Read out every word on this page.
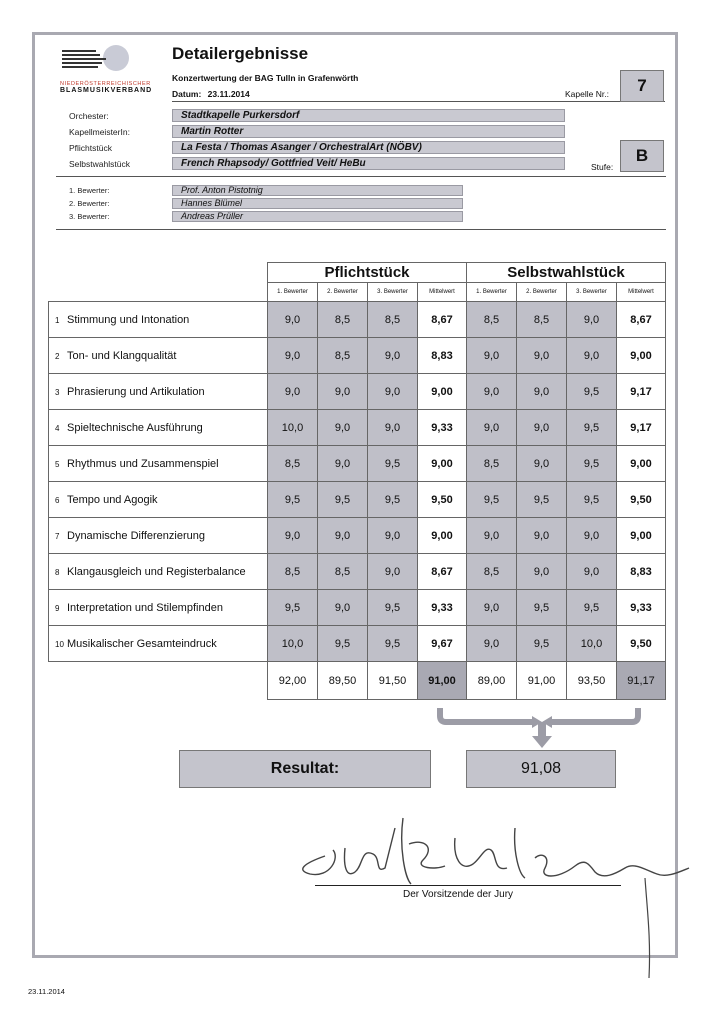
NIEDERÖSTERREICHISCHER
BLASMUSIKVERBAND
Detailergebnisse
Konzertwertung der BAG Tulln in Grafenwörth
Datum: 23.11.2014	Kapelle Nr.:	7
Orchester:	Stadtkapelle Purkersdorf
KapellmeisterIn:	Martin Rotter
Pflichtstück	La Festa / Thomas Asanger / OrchestralArt (NÖBV)
Selbstwahlstück	French Rhapsody/ Gottfried Veit/ HeBu	Stufe:
B
1. Bewerter:	Prof. Anton Pistotnig
2. Bewerter:	Hannes Blümel
3. Bewerter:	Andreas Prüller
	Pflichtstück				Selbstwahlstück			
	1. Bewerter	2. Bewerter	3. Bewerter	Mittelwert	1. Bewerter	2. Bewerter	3. Bewerter	Mittelwert
1 Stimmung und Intonation	9,0	8,5	8,5	8,67	8,5	8,5	9,0	8,67
2 Ton- und Klangqualität	9,0	8,5	9,0	8,83	9,0	9,0	9,0	9,00
3 Phrasierung und Artikulation	9,0	9,0	9,0	9,00	9,0	9,0	9,5	9,17
4 Spieltechnische Ausführung	10,0	9,0	9,0	9,33	9,0	9,0	9,5	9,17
5 Rhythmus und Zusammenspiel	8,5	9,0	9,5	9,00	8,5	9,0	9,5	9,00
6 Tempo und Agogik	9,5	9,5	9,5	9,50	9,5	9,5	9,5	9,50
7 Dynamische Differenzierung	9,0	9,0	9,0	9,00	9,0	9,0	9,0	9,00
8 Klangausgleich und Registerbalance	8,5	8,5	9,0	8,67	8,5	9,0	9,0	8,83
9 Interpretation und Stilempfinden	9,5	9,0	9,5	9,33	9,0	9,5	9,5	9,33
10 Musikalischer Gesamteindruck	10,0	9,5	9,5	9,67	9,0	9,5	10,0	9,50
	92,00	89,50	91,50	91,00	89,00	91,00	93,50	91,17
Resultat:	91,08
Der Vorsitzende der Jury
23.11.2014
